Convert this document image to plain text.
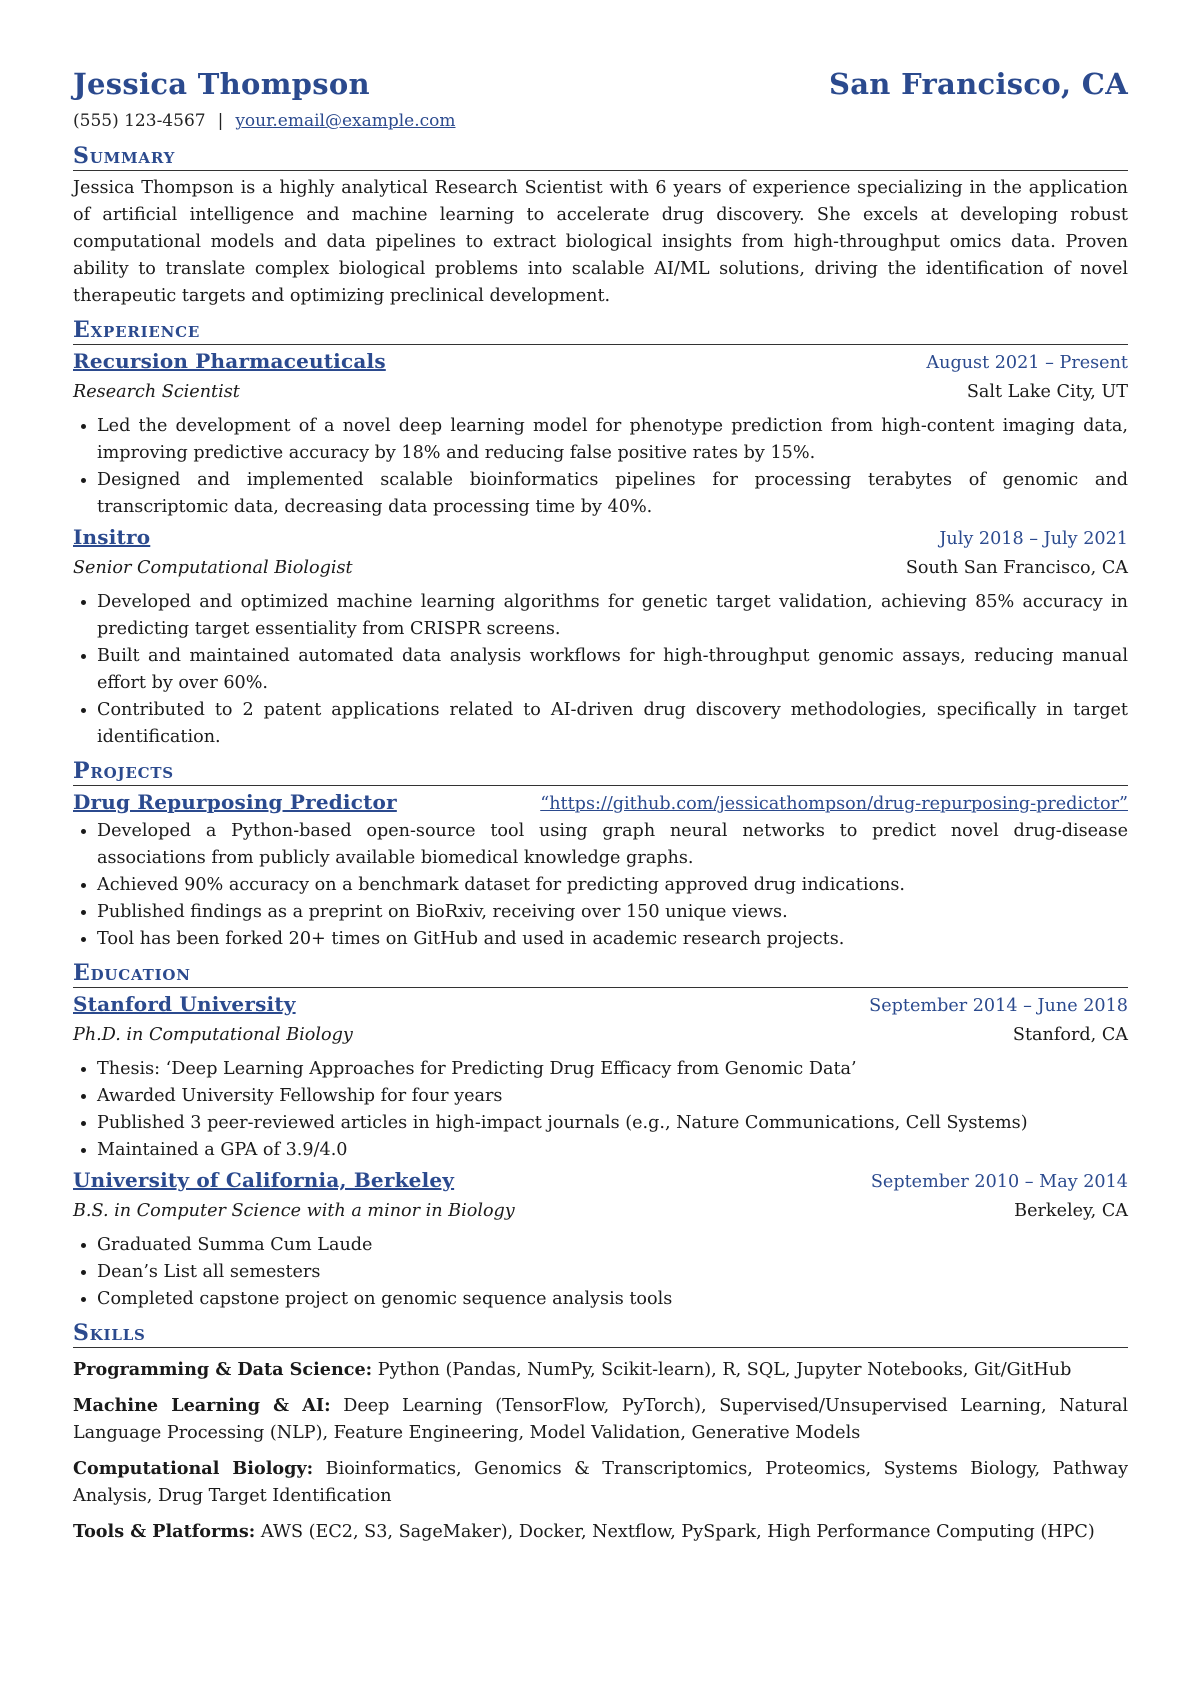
Jessica Thompson	San Francisco, CA
(555) 123-4567 | your.email@example.com
Summary

Jessica Thompson is a highly analytical Research Scientist with 6 years of experience specializing in the application of artificial intelligence and machine learning to accelerate drug discovery. She excels at developing robust computational models and data pipelines to extract biological insights from high-throughput omics data. Proven ability to translate complex biological problems into scalable AI/ML solutions, driving the identification of novel therapeutic targets and optimizing preclinical development.

Experience
Recursion Pharmaceuticals	August 2021 – Present
Research Scientist	Salt Lake City, UT
• Led the development of a novel deep learning model for phenotype prediction from high-content imaging data, improving predictive accuracy by 18% and reducing false positive rates by 15%.
• Designed and implemented scalable bioinformatics pipelines for processing terabytes of genomic and transcriptomic data, decreasing data processing time by 40%.
Insitro	July 2018 – July 2021
Senior Computational Biologist	South San Francisco, CA
• Developed and optimized machine learning algorithms for genetic target validation, achieving 85% accuracy in predicting target essentiality from CRISPR screens.
• Built and maintained automated data analysis workflows for high-throughput genomic assays, reducing manual effort by over 60%.
• Contributed to 2 patent applications related to AI-driven drug discovery methodologies, specifically in target identification.
Projects
Drug Repurposing Predictor	“https://github.com/jessicathompson/drug-repurposing-predictor”
• Developed a Python-based open-source tool using graph neural networks to predict novel drug-disease associations from publicly available biomedical knowledge graphs.
• Achieved 90% accuracy on a benchmark dataset for predicting approved drug indications.
• Published findings as a preprint on BioRxiv, receiving over 150 unique views.
• Tool has been forked 20+ times on GitHub and used in academic research projects.
Education
Stanford University	September 2014 – June 2018
Ph.D. in Computational Biology	Stanford, CA
• Thesis: ‘Deep Learning Approaches for Predicting Drug Efficacy from Genomic Data’
• Awarded University Fellowship for four years
• Published 3 peer-reviewed articles in high-impact journals (e.g., Nature Communications, Cell Systems)
• Maintained a GPA of 3.9/4.0
University of California, Berkeley	September 2010 – May 2014
B.S. in Computer Science with a minor in Biology	Berkeley, CA
• Graduated Summa Cum Laude
• Dean’s List all semesters
• Completed capstone project on genomic sequence analysis tools
Skills
Programming & Data Science: Python (Pandas, NumPy, Scikit-learn), R, SQL, Jupyter Notebooks, Git/GitHub
Machine Learning & AI: Deep Learning (TensorFlow, PyTorch), Supervised/Unsupervised Learning, Natural Language Processing (NLP), Feature Engineering, Model Validation, Generative Models
Computational Biology: Bioinformatics, Genomics & Transcriptomics, Proteomics, Systems Biology, Pathway Analysis, Drug Target Identification
Tools & Platforms: AWS (EC2, S3, SageMaker), Docker, Nextflow, PySpark, High Performance Computing (HPC)
